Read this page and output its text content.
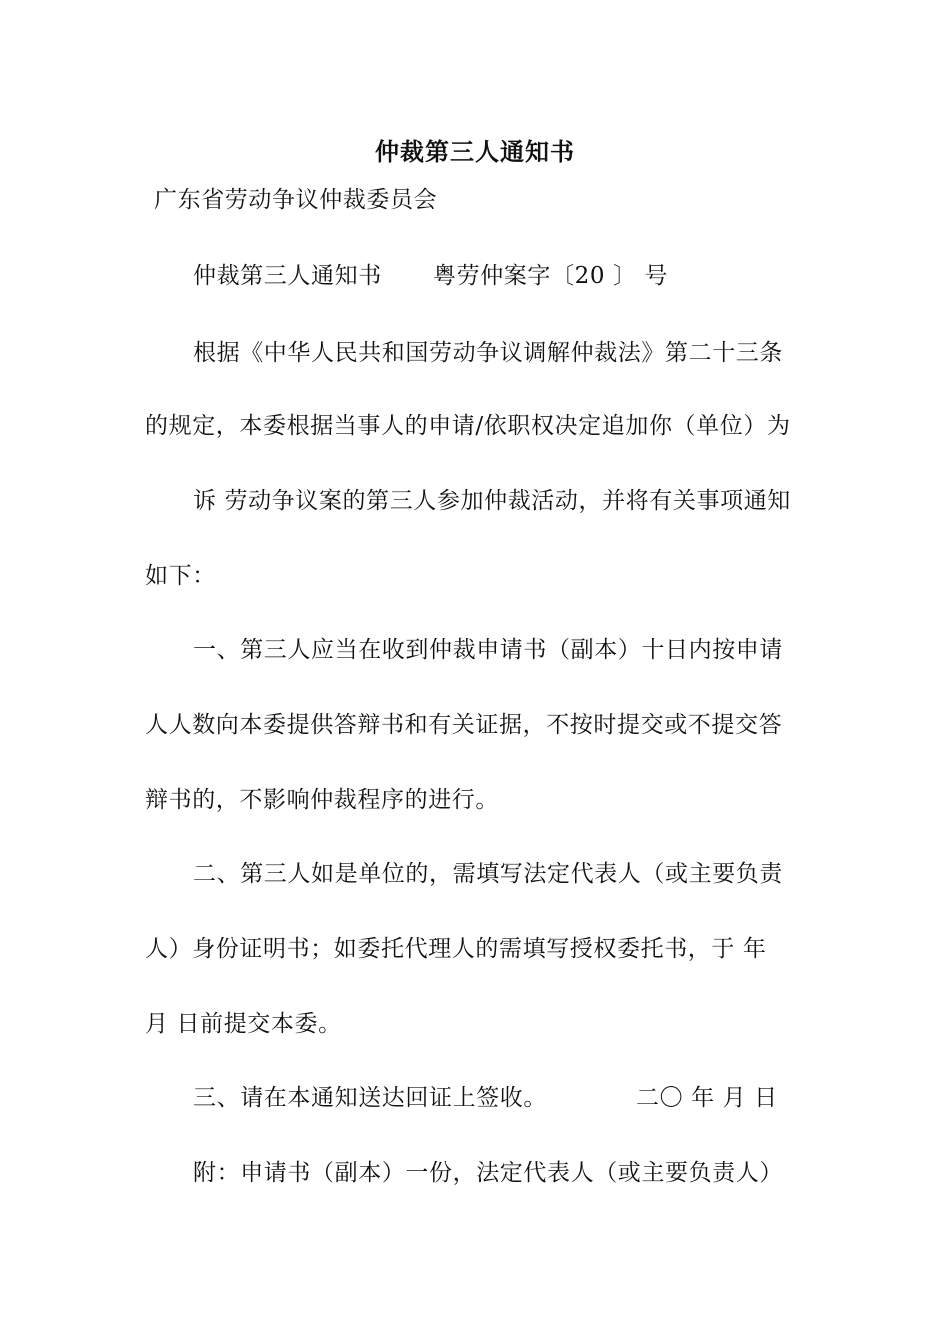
仲裁第三人通知书
广东省劳动争议仲裁委员会
仲裁第三人通知书 粤劳仲案字〔20 〕 号
根据《中华人民共和国劳动争议调解仲裁法》第二十三条
的规定，本委根据当事人的申请/依职权决定追加你（单位）为
诉 劳动争议案的第三人参加仲裁活动，并将有关事项通知
如下：
一、第三人应当在收到仲裁申请书（副本）十日内按申请
人人数向本委提供答辩书和有关证据，不按时提交或不提交答
辩书的，不影响仲裁程序的进行。
二、第三人如是单位的，需填写法定代表人（或主要负责
人）身份证明书；如委托代理人的需填写授权委托书，于 年
月 日前提交本委。
三、请在本通知送达回证上签收。	二〇 年 月 日
附：申请书（副本）一份，法定代表人（或主要负责人）
